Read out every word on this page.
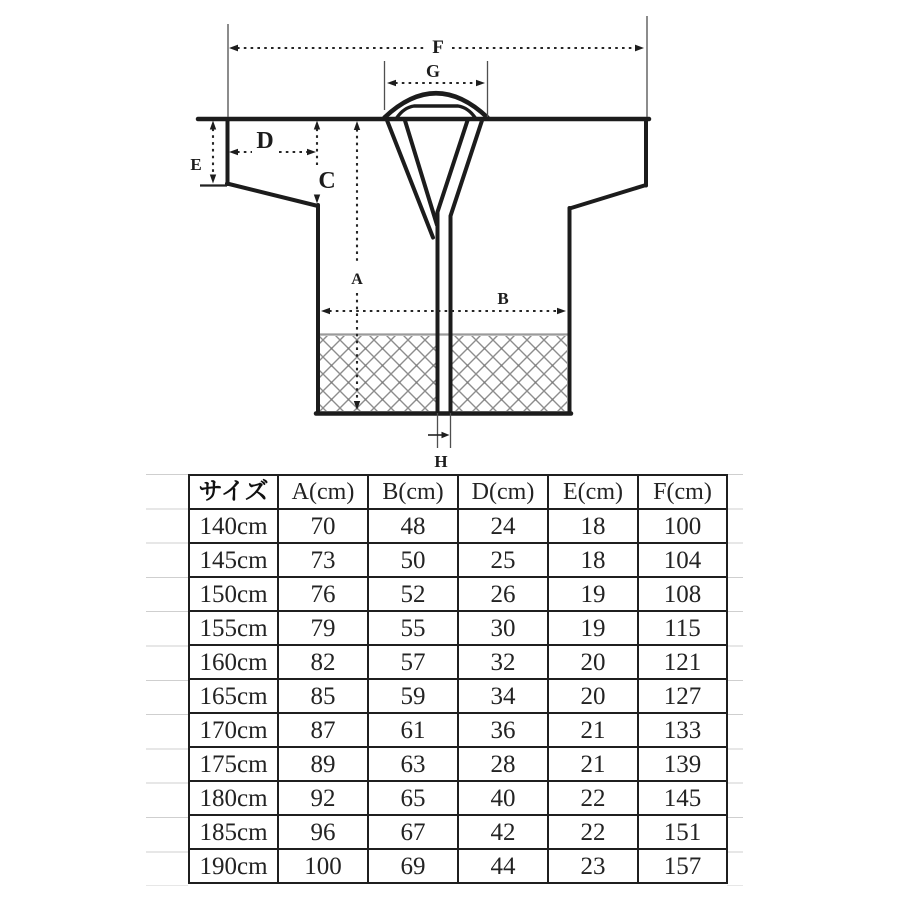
F
G
D
E
C
A
B
H
サイズ	A(cm)	B(cm)	D(cm)	E(cm)	F(cm)
140cm	70	48	24	18	100
145cm	73	50	25	18	104
150cm	76	52	26	19	108
155cm	79	55	30	19	115
160cm	82	57	32	20	121
165cm	85	59	34	20	127
170cm	87	61	36	21	133
175cm	89	63	28	21	139
180cm	92	65	40	22	145
185cm	96	67	42	22	151
190cm	100	69	44	23	157
